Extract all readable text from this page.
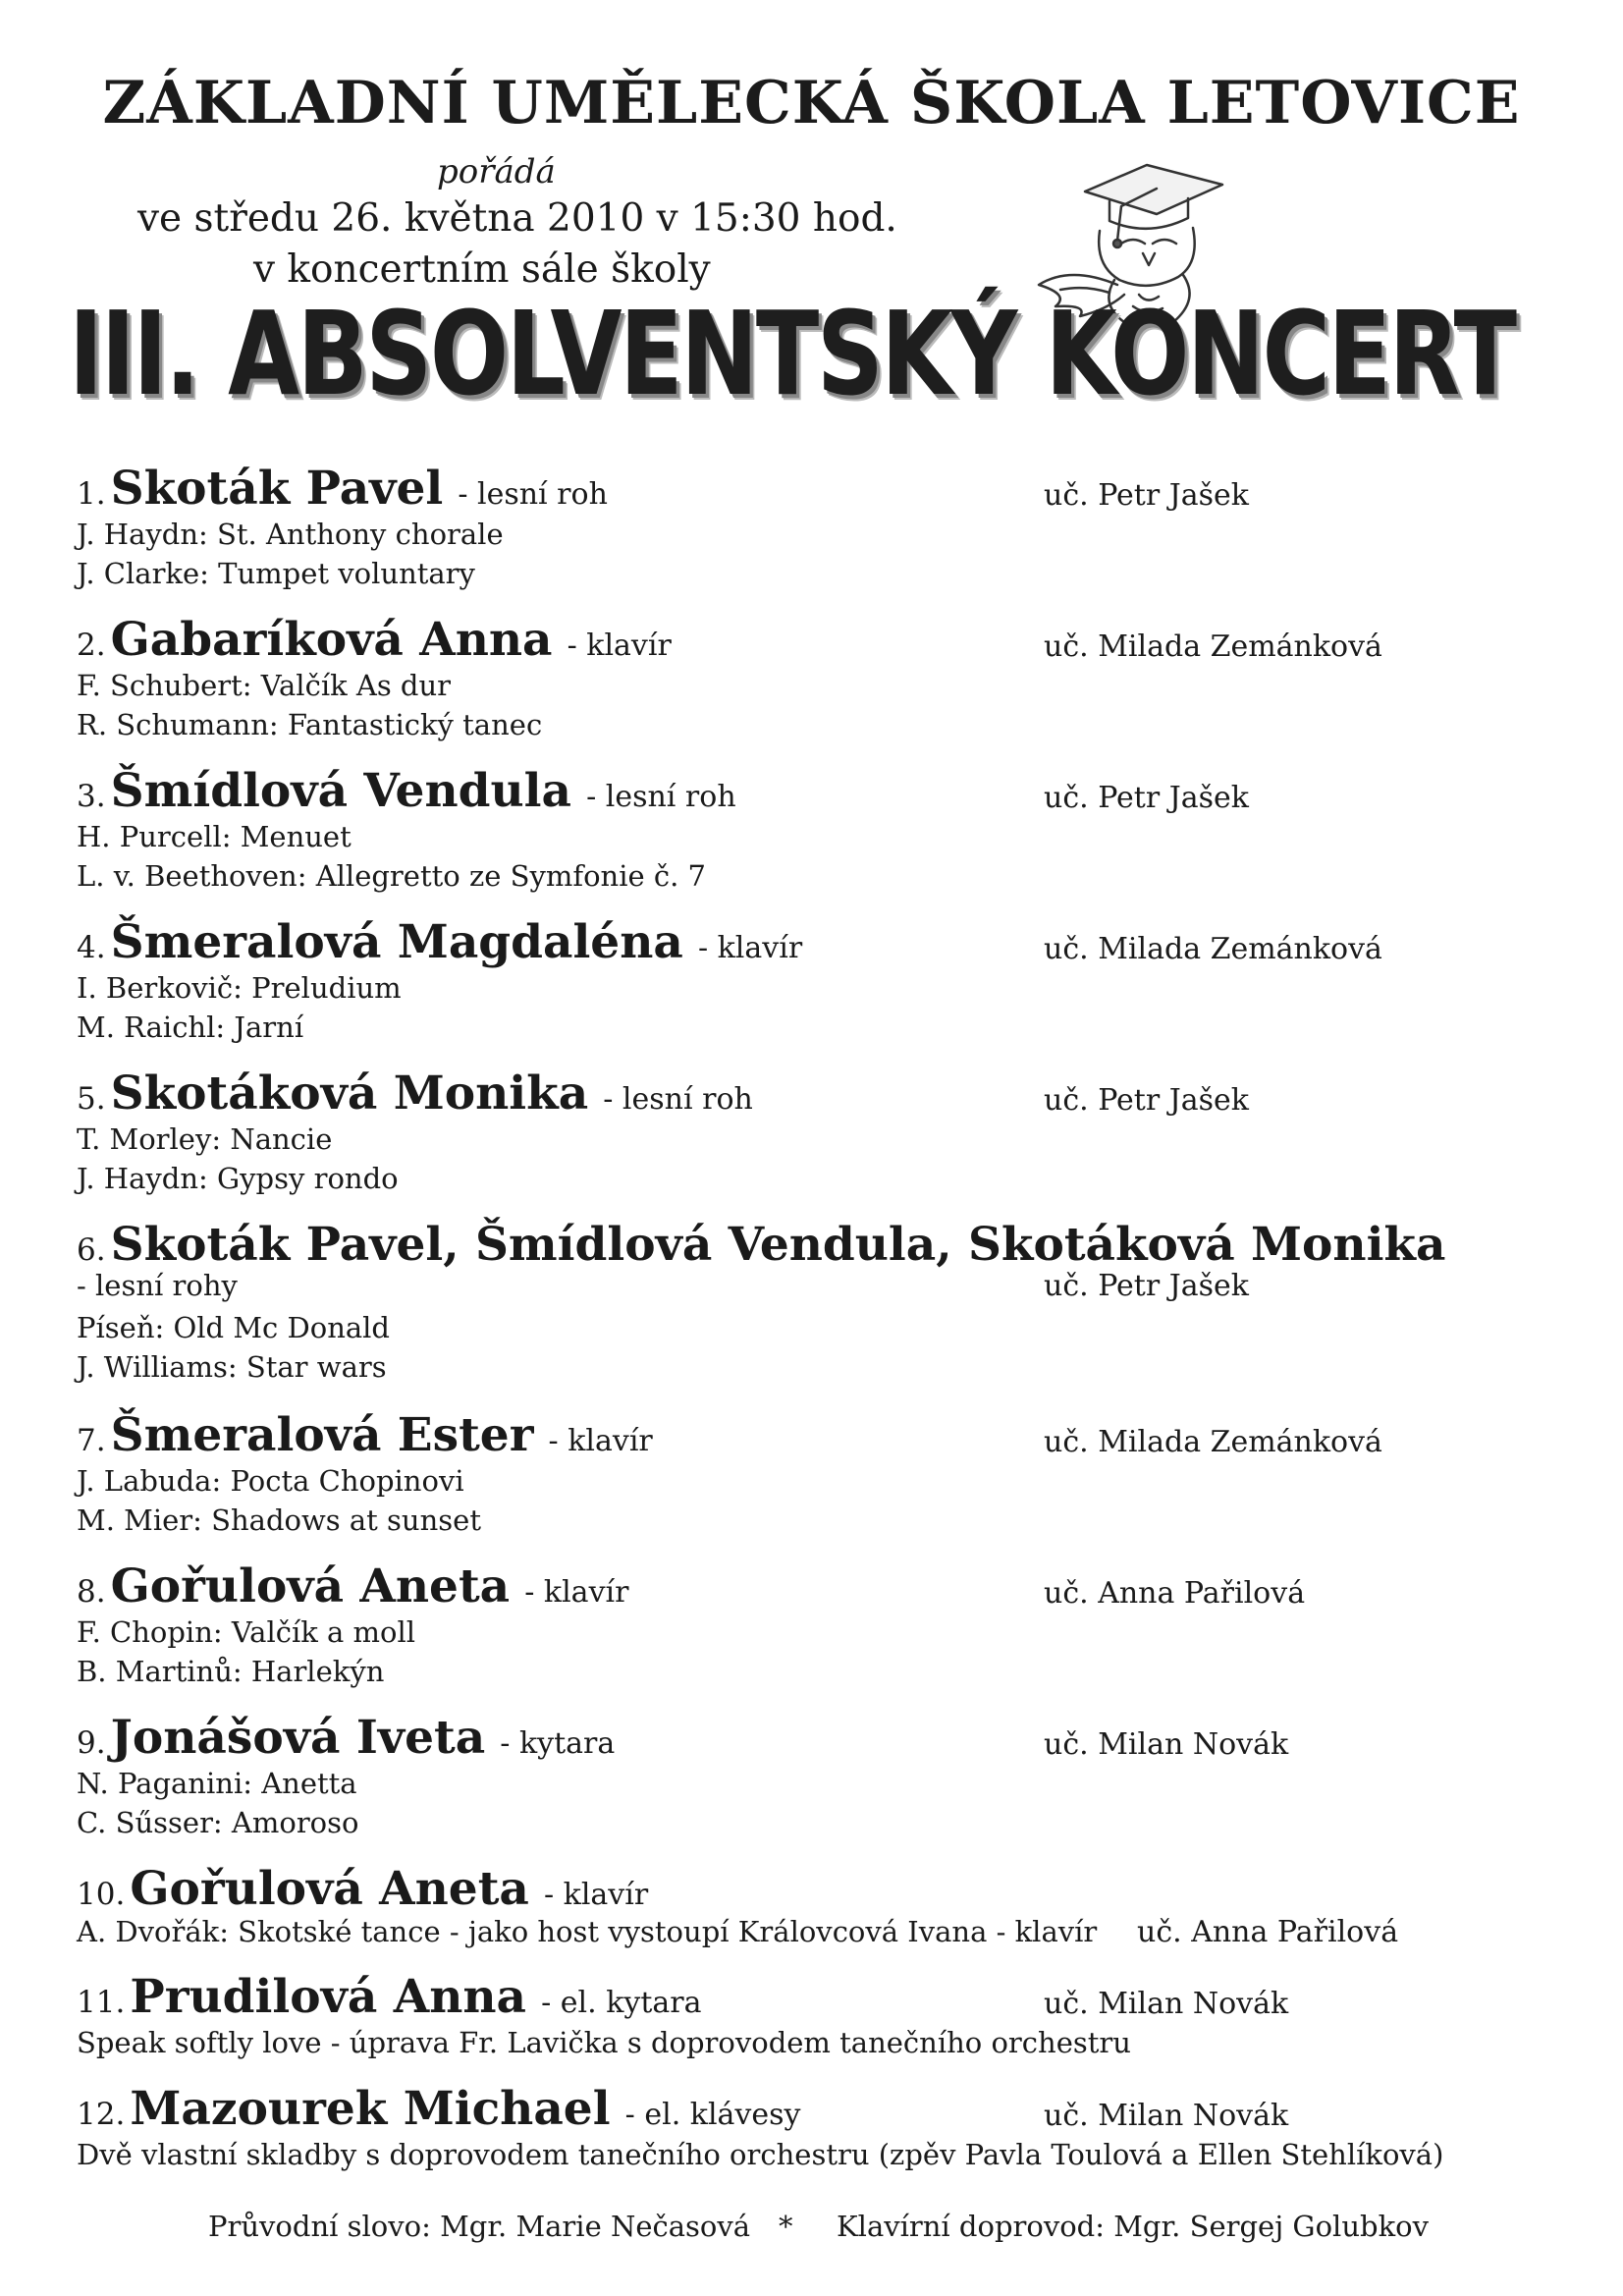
ZÁKLADNÍ UMĚLECKÁ ŠKOLA LETOVICE
pořádá
ve středu 26. května 2010 v 15:30 hod.
v koncertním sále školy
III. ABSOLVENTSKÝ KONCERT
1. Skoták Pavel - lesní roh	uč. Petr Jašek
J. Haydn: St. Anthony chorale
J. Clarke: Tumpet voluntary
2. Gabaríková Anna - klavír	uč. Milada Zemánková
F. Schubert: Valčík As dur
R. Schumann: Fantastický tanec
3. Šmídlová Vendula - lesní roh	uč. Petr Jašek
H. Purcell: Menuet
L. v. Beethoven: Allegretto ze Symfonie č. 7
4. Šmeralová Magdaléna - klavír	uč. Milada Zemánková
I. Berkovič: Preludium
M. Raichl: Jarní
5. Skotáková Monika - lesní roh	uč. Petr Jašek
T. Morley: Nancie
J. Haydn: Gypsy rondo
6. Skoták Pavel, Šmídlová Vendula, Skotáková Monika
- lesní rohy	uč. Petr Jašek
Píseň: Old Mc Donald
J. Williams: Star wars
7. Šmeralová Ester - klavír	uč. Milada Zemánková
J. Labuda: Pocta Chopinovi
M. Mier: Shadows at sunset
8. Gořulová Aneta - klavír	uč. Anna Pařilová
F. Chopin: Valčík a moll
B. Martinů: Harlekýn
9. Jonášová Iveta - kytara	uč. Milan Novák
N. Paganini: Anetta
C. Sűsser: Amoroso
10. Gořulová Aneta - klavír
A. Dvořák: Skotské tance - jako host vystoupí Královcová Ivana - klavír uč. Anna Pařilová
11. Prudilová Anna - el. kytara	uč. Milan Novák
Speak softly love - úprava Fr. Lavička s doprovodem tanečního orchestru
12. Mazourek Michael - el. klávesy	uč. Milan Novák
Dvě vlastní skladby s doprovodem tanečního orchestru (zpěv Pavla Toulová a Ellen Stehlíková)
Průvodní slovo: Mgr. Marie Nečasová * Klavírní doprovod: Mgr. Sergej Golubkov
